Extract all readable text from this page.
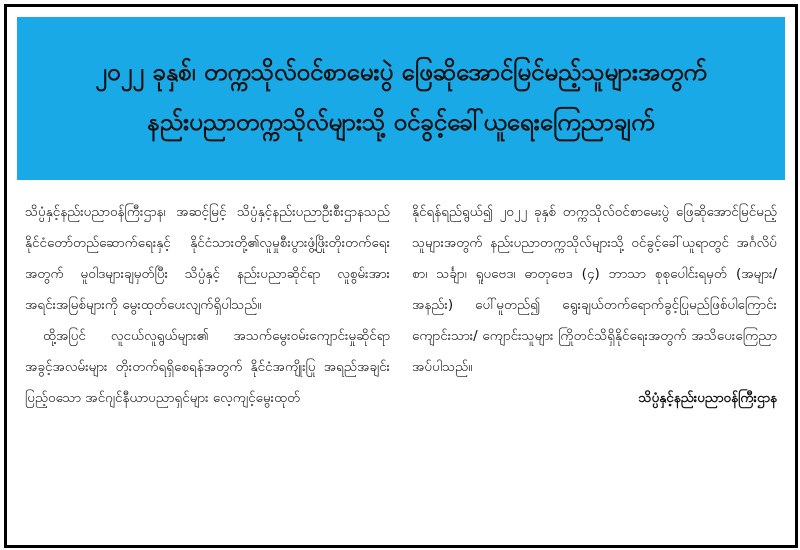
၂၀၂၂ ခုနှစ်၊ တက္ကသိုလ်ဝင်စာမေးပွဲ ဖြေဆိုအောင်မြင်မည့်သူများအတွက်
နည်းပညာတက္ကသိုလ်များသို့ ဝင်ခွင့်ခေါ်ယူရေးကြေညာချက်

သိပ္ပံနှင့်နည်းပညာဝန်ကြီးဌာန၊ အဆင့်မြင့် သိပ္ပံနှင့်နည်းပညာဦးစီးဌာနသည် နိုင်ငံတော်တည်ဆောက်ရေးနှင့် နိုင်ငံသားတို့၏လူမှုစီးပွားဖွံ့ဖြိုးတိုးတက်ရေးအတွက် မူဝါဒများချမှတ်ပြီး သိပ္ပံနှင့် နည်းပညာဆိုင်ရာ လူစွမ်းအားအရင်းအမြစ်များကို မွေးထုတ်ပေးလျက်ရှိပါသည်။

ထို့အပြင် လူငယ်လူရွယ်များ၏ အသက်မွေးဝမ်းကျောင်းမှုဆိုင်ရာ အခွင့်အလမ်းများ တိုးတက်ရရှိစေရန်အတွက် နိုင်ငံအကျိုးပြု အရည်အချင်းပြည့်ဝသော အင်ဂျင်နီယာပညာရှင်များ လေ့ကျင့်မွေးထုတ်

နိုင်ရန်ရည်ရွယ်၍ ၂၀၂၂ ခုနှစ် တက္ကသိုလ်ဝင်စာမေးပွဲ ဖြေဆိုအောင်မြင်မည့်သူများအတွက် နည်းပညာတက္ကသိုလ်များသို့ ဝင်ခွင့်ခေါ်ယူရာတွင် အင်္ဂလိပ်စာ၊ သင်္ချာ၊ ရူပဗေဒ၊ ဓာတုဗေဒ (၄) ဘာသာ စုစုပေါင်းရမှတ် (အများ/ အနည်း) ပေါ်မူတည်၍ ရွေးချယ်တက်ရောက်ခွင့်ပြုမည်ဖြစ်ပါကြောင်း ကျောင်းသား/ ကျောင်းသူများ ကြိုတင်သိရှိနိုင်ရေးအတွက် အသိပေးကြေညာအပ်ပါသည်။

သိပ္ပံနှင့်နည်းပညာဝန်ကြီးဌာန
